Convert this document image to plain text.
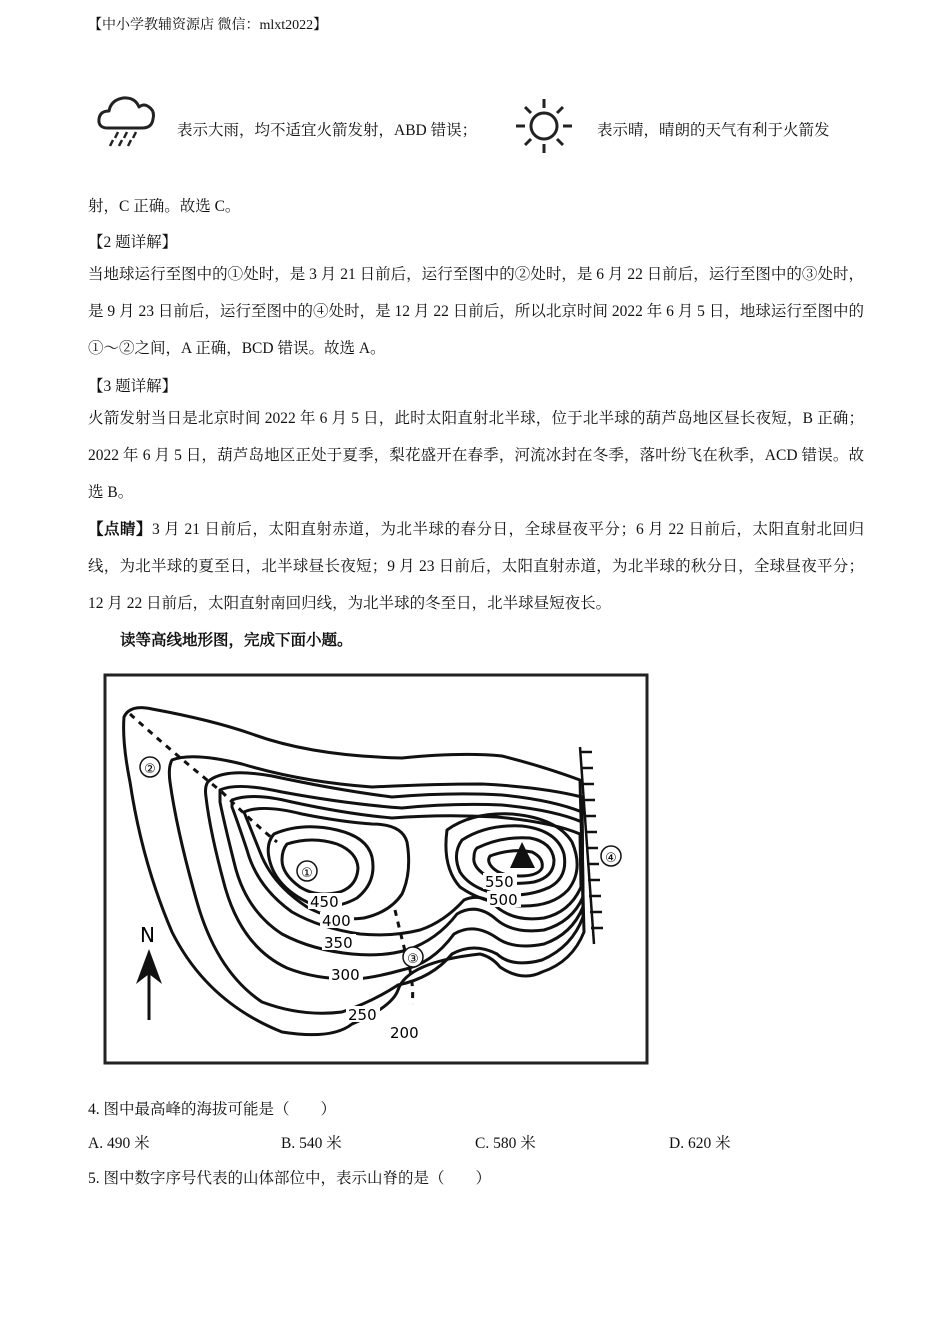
【中小学教辅资源店 微信：mlxt2022】
表示大雨，均不适宜火箭发射，ABD 错误；	表示晴，晴朗的天气有利于火箭发
射，C 正确。故选 C。
【2 题详解】
当地球运行至图中的①处时，是 3 月 21 日前后，运行至图中的②处时，是 6 月 22 日前后，运行至图中的③处时，是 9 月 23 日前后，运行至图中的④处时，是 12 月 22 日前后，所以北京时间 2022 年 6 月 5 日，地球运行至图中的①～②之间，A 正确，BCD 错误。故选 A。
【3 题详解】
火箭发射当日是北京时间 2022 年 6 月 5 日，此时太阳直射北半球，位于北半球的葫芦岛地区昼长夜短，B 正确；2022 年 6 月 5 日，葫芦岛地区正处于夏季，梨花盛开在春季，河流冰封在冬季，落叶纷飞在秋季，ACD 错误。故选 B。
【点睛】3 月 21 日前后，太阳直射赤道，为北半球的春分日，全球昼夜平分；6 月 22 日前后，太阳直射北回归线，为北半球的夏至日，北半球昼长夜短；9 月 23 日前后，太阳直射赤道，为北半球的秋分日，全球昼夜平分；12 月 22 日前后，太阳直射南回归线，为北半球的冬至日，北半球昼短夜长。
读等高线地形图，完成下面小题。
N
①
②
③
④
550
500
450
400
350
300
250
200
4. 图中最高峰的海拔可能是（　　）
A. 490 米	B. 540 米	C. 580 米	D. 620 米
5. 图中数字序号代表的山体部位中，表示山脊的是（　　）
